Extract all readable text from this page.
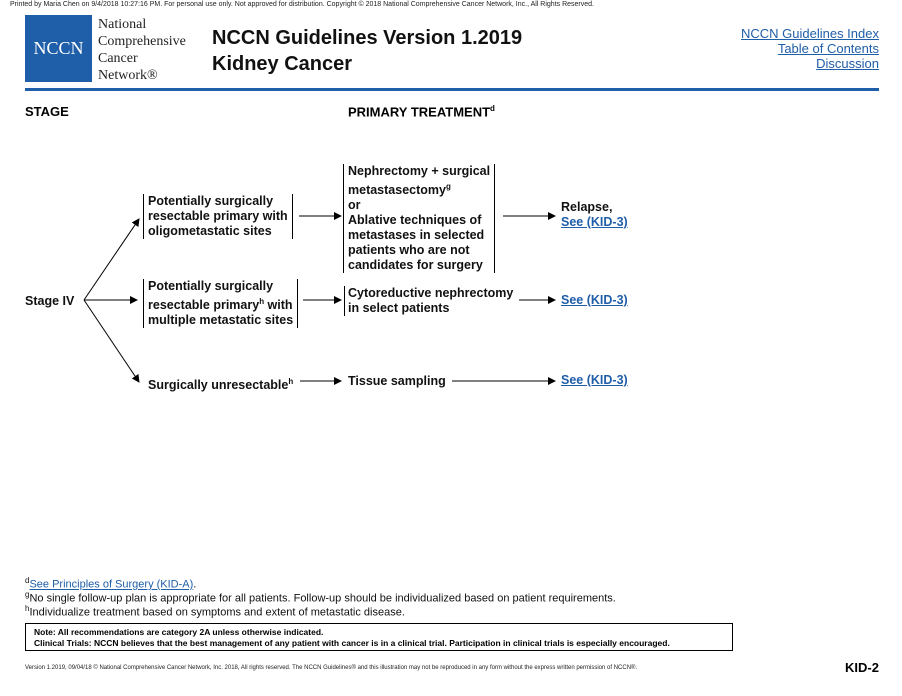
Printed by Maria Chen on 9/4/2018 10:27:16 PM. For personal use only. Not approved for distribution. Copyright © 2018 National Comprehensive Cancer Network, Inc., All Rights Reserved.
NCCN
National
Comprehensive
Cancer
Network®
NCCN Guidelines Version 1.2019
Kidney Cancer
NCCN Guidelines Index
Table of Contents
Discussion
STAGE	PRIMARY TREATMENT$^d$
Stage IV
Potentially surgically
resectable primary with
oligometastatic sites
Nephrectomy + surgical
metastasectomy$^g$
or
Ablative techniques of
metastases in selected
patients who are not
candidates for surgery
Relapse,
See (KID-3)
Potentially surgically
resectable primary$^h$ with
multiple metastatic sites
Cytoreductive nephrectomy
in select patients
See (KID-3)
Surgically unresectable$^h$	Tissue sampling	See (KID-3)
$^d$See Principles of Surgery (KID-A).
$^g$No single follow-up plan is appropriate for all patients. Follow-up should be individualized based on patient requirements.
$^h$Individualize treatment based on symptoms and extent of metastatic disease.
Note: All recommendations are category 2A unless otherwise indicated.
Clinical Trials: NCCN believes that the best management of any patient with cancer is in a clinical trial. Participation in clinical trials is especially encouraged.
Version 1.2019, 09/04/18 © National Comprehensive Cancer Network, Inc. 2018, All rights reserved. The NCCN Guidelines® and this illustration may not be reproduced in any form without the express written permission of NCCN®.	KID-2
